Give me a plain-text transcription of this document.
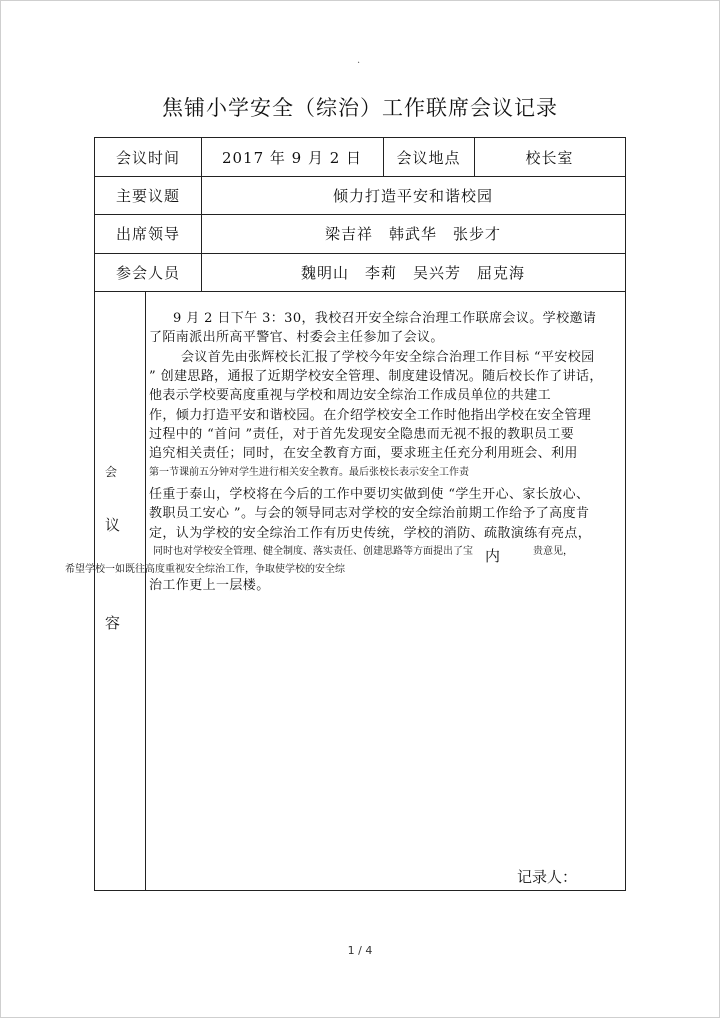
·
焦铺小学安全（综治）工作联席会议记录
会议时间	2017 年 9 月 2 日	会议地点	校长室
主要议题	倾力打造平安和谐校园
出席领导	梁吉祥　韩武华　张步才
参会人员	魏明山　李莉　吴兴芳　屈克海
会
议
容
9 月 2 日下午 3：30，我校召开安全综合治理工作联席会议。学校邀请
了陌南派出所高平警官、村委会主任参加了会议。
会议首先由张辉校长汇报了学校今年安全综合治理工作目标 “平安校园
” 创建思路，通报了近期学校安全管理、制度建设情况。随后校长作了讲话，
他表示学校要高度重视与学校和周边安全综治工作成员单位的共建工
作，倾力打造平安和谐校园。在介绍学校安全工作时他指出学校在安全管理
过程中的 “首问 ”责任，对于首先发现安全隐患而无视不报的教职员工要
追究相关责任；同时，在安全教育方面，要求班主任充分利用班会、利用
第一节课前五分钟对学生进行相关安全教育。最后张校长表示安全工作责
任重于泰山，学校将在今后的工作中要切实做到使 “学生开心、家长放心、
教职员工安心 ”。与会的领导同志对学校的安全综治前期工作给予了高度肯
定，认为学校的安全综治工作有历史传统，学校的消防、疏散演练有亮点，
同时也对学校安全管理、健全制度、落实责任、创建思路等方面提出了宝 内	贵意见，
希望学校一如既往高度重视安全综治工作，争取使学校的安全综
治工作更上一层楼。
记录人：
1 / 4
